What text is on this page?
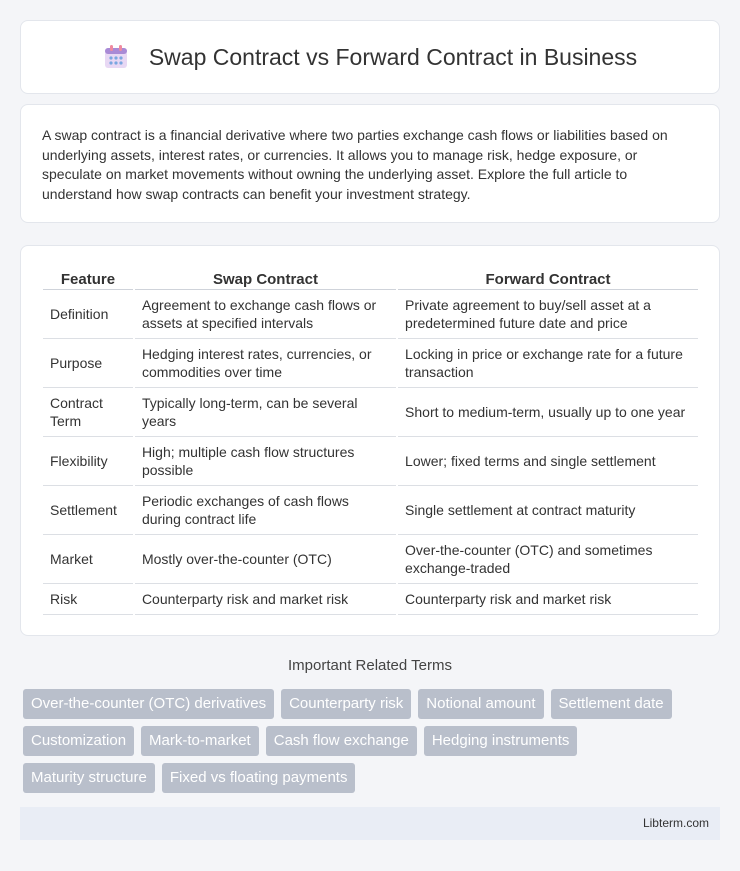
Swap Contract vs Forward Contract in Business

A swap contract is a financial derivative where two parties exchange cash flows or liabilities based on underlying assets, interest rates, or currencies. It allows you to manage risk, hedge exposure, or speculate on market movements without owning the underlying asset. Explore the full article to understand how swap contracts can benefit your investment strategy.

Feature	Swap Contract	Forward Contract
Definition	Agreement to exchange cash flows or assets at specified intervals	Private agreement to buy/sell asset at a predetermined future date and price
Purpose	Hedging interest rates, currencies, or commodities over time	Locking in price or exchange rate for a future transaction
Contract Term	Typically long-term, can be several years	Short to medium-term, usually up to one year
Flexibility	High; multiple cash flow structures possible	Lower; fixed terms and single settlement
Settlement	Periodic exchanges of cash flows during contract life	Single settlement at contract maturity
Market	Mostly over-the-counter (OTC)	Over-the-counter (OTC) and sometimes exchange-traded
Risk	Counterparty risk and market risk	Counterparty risk and market risk
Important Related Terms
Over-the-counter (OTC) derivatives	Counterparty risk	Notional amount	Settlement date
Customization	Mark-to-market	Cash flow exchange	Hedging instruments
Maturity structure	Fixed vs floating payments
Libterm.com
